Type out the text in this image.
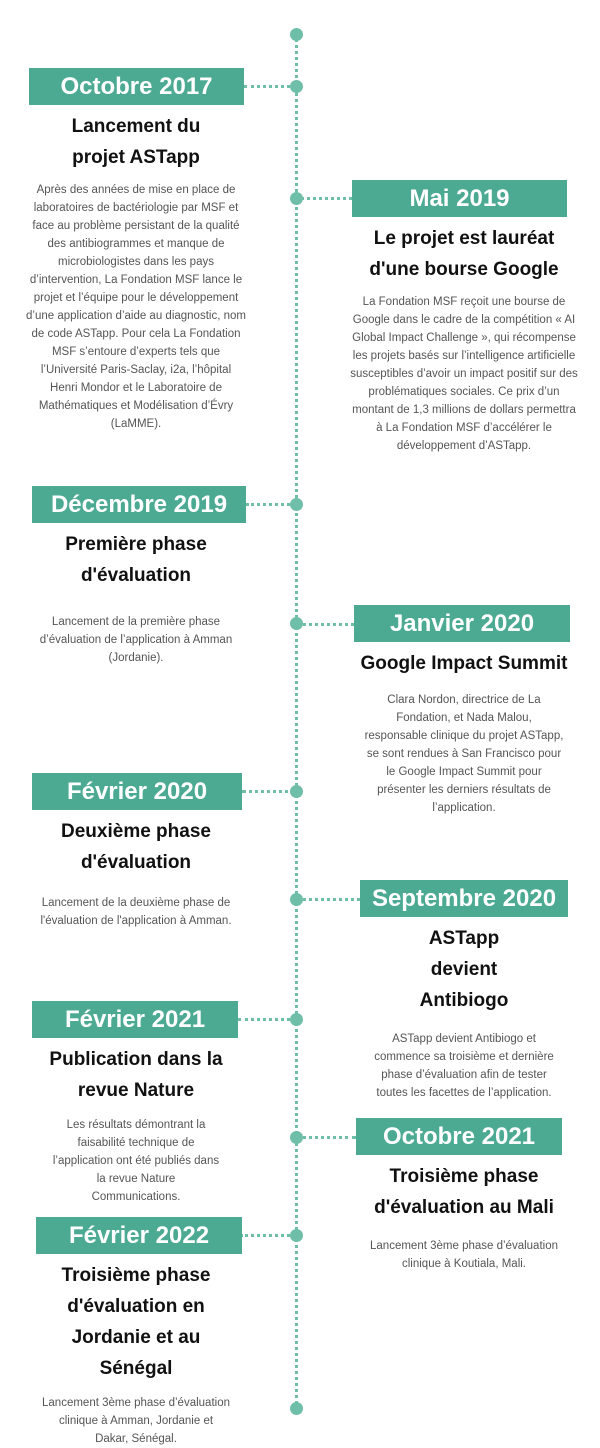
Octobre 2017
Lancement du projet ASTapp
Après des années de mise en place de laboratoires de bactériologie par MSF et face au problème persistant de la qualité des antibiogrammes et manque de microbiologistes dans les pays d’intervention, La Fondation MSF lance le projet et l’équipe pour le développement d’une application d’aide au diagnostic, nom de code ASTapp. Pour cela La Fondation MSF s’entoure d’experts tels que l’Université Paris-Saclay, i2a, l’hôpital Henri Mondor et le Laboratoire de Mathématiques et Modélisation d’Évry (LaMME).
Mai 2019
Le projet est lauréat d'une bourse Google
La Fondation MSF reçoit une bourse de Google dans le cadre de la compétition « AI Global Impact Challenge », qui récompense les projets basés sur l’intelligence artificielle susceptibles d’avoir un impact positif sur des problématiques sociales. Ce prix d’un montant de 1,3 millions de dollars permettra à La Fondation MSF d’accélérer le développement d’ASTapp.
Décembre 2019
Première phase d'évaluation
Lancement de la première phase d’évaluation de l’application à Amman (Jordanie).
Janvier 2020
Google Impact Summit
Clara Nordon, directrice de La Fondation, et Nada Malou, responsable clinique du projet ASTapp, se sont rendues à San Francisco pour le Google Impact Summit pour présenter les derniers résultats de l’application.
Février 2020
Deuxième phase d'évaluation
Lancement de la deuxième phase de l'évaluation de l'application à Amman.
Septembre 2020
ASTapp devient Antibiogo
ASTapp devient Antibiogo et commence sa troisième et dernière phase d’évaluation afin de tester toutes les facettes de l’application.
Février 2021
Publication dans la revue Nature
Les résultats démontrant la faisabilité technique de l’application ont été publiés dans la revue Nature Communications.
Octobre 2021
Troisième phase d'évaluation au Mali
Lancement 3ème phase d’évaluation clinique à Koutiala, Mali.
Février 2022
Troisième phase d'évaluation en Jordanie et au Sénégal
Lancement 3ème phase d’évaluation clinique à Amman, Jordanie et Dakar, Sénégal.
